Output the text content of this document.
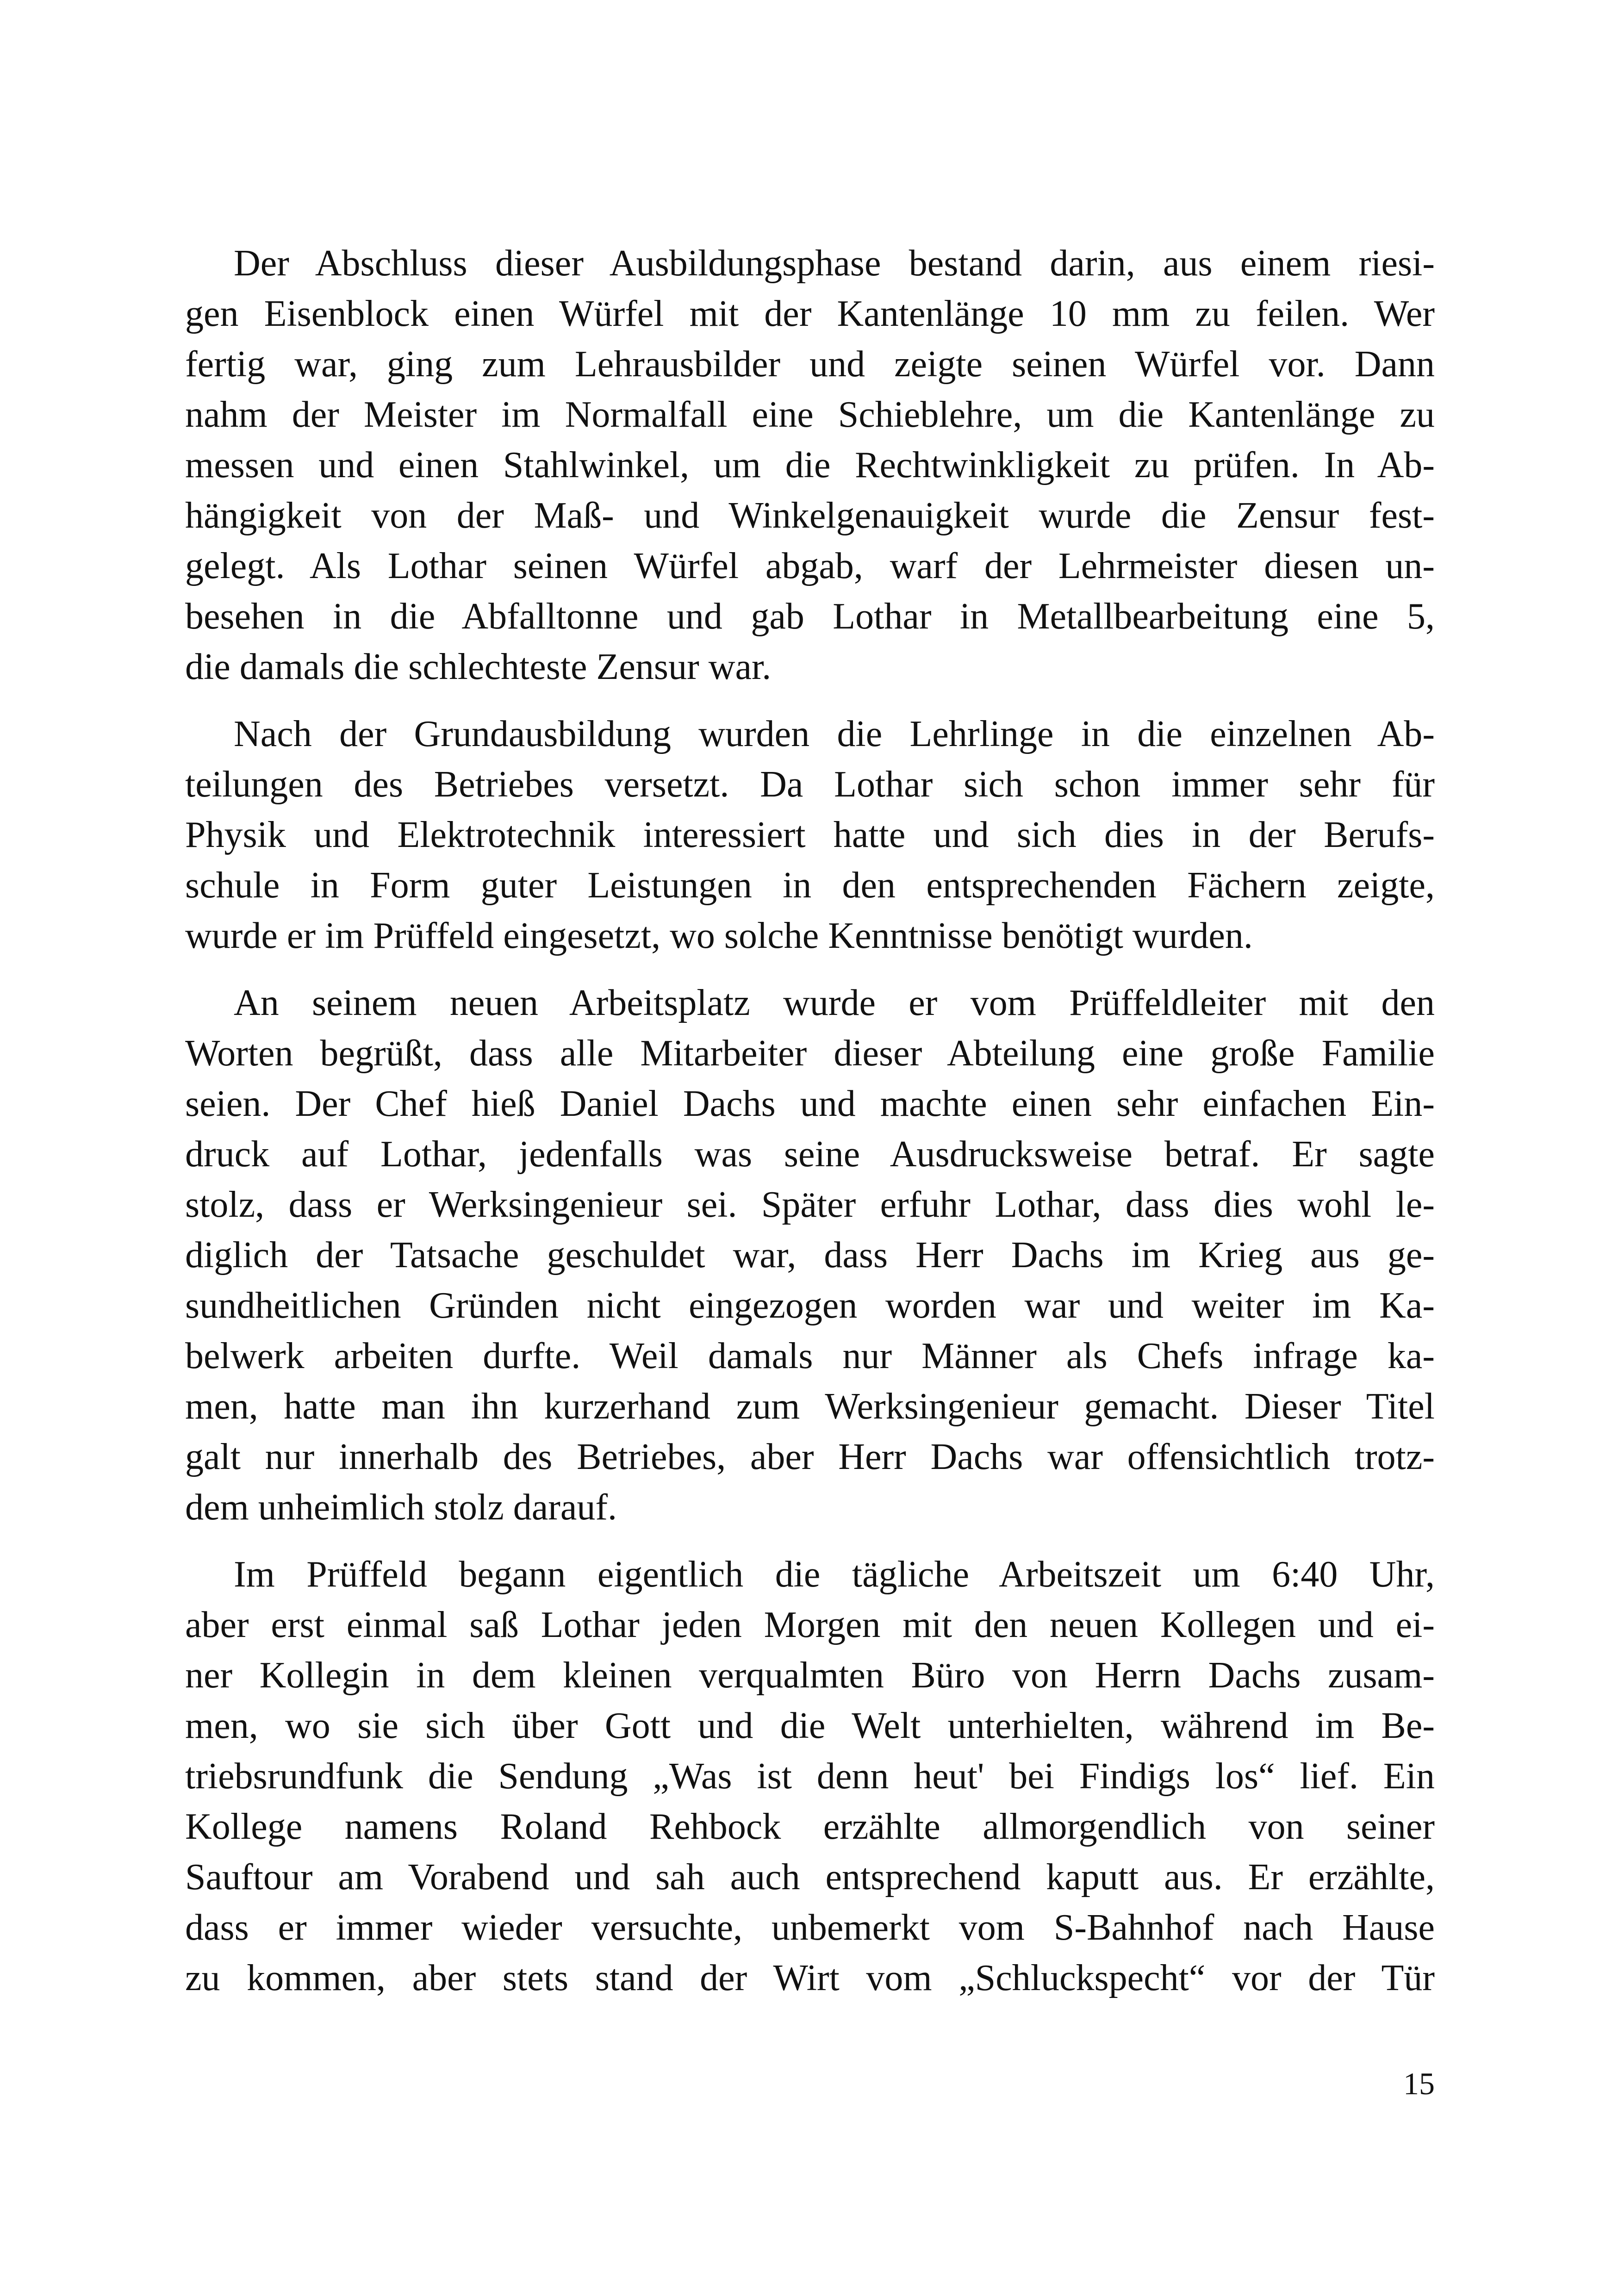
Der Abschluss dieser Ausbildungsphase bestand darin, aus einem riesi-
gen Eisenblock einen Würfel mit der Kantenlänge 10 mm zu feilen. Wer
fertig war, ging zum Lehrausbilder und zeigte seinen Würfel vor. Dann
nahm der Meister im Normalfall eine Schieblehre, um die Kantenlänge zu
messen und einen Stahlwinkel, um die Rechtwinkligkeit zu prüfen. In Ab-
hängigkeit von der Maß- und Winkelgenauigkeit wurde die Zensur fest-
gelegt. Als Lothar seinen Würfel abgab, warf der Lehrmeister diesen un-
besehen in die Abfalltonne und gab Lothar in Metallbearbeitung eine 5,
die damals die schlechteste Zensur war.
Nach der Grundausbildung wurden die Lehrlinge in die einzelnen Ab-
teilungen des Betriebes versetzt. Da Lothar sich schon immer sehr für
Physik und Elektrotechnik interessiert hatte und sich dies in der Berufs-
schule in Form guter Leistungen in den entsprechenden Fächern zeigte,
wurde er im Prüffeld eingesetzt, wo solche Kenntnisse benötigt wurden.
An seinem neuen Arbeitsplatz wurde er vom Prüffeldleiter mit den
Worten begrüßt, dass alle Mitarbeiter dieser Abteilung eine große Familie
seien. Der Chef hieß Daniel Dachs und machte einen sehr einfachen Ein-
druck auf Lothar, jedenfalls was seine Ausdrucksweise betraf. Er sagte
stolz, dass er Werksingenieur sei. Später erfuhr Lothar, dass dies wohl le-
diglich der Tatsache geschuldet war, dass Herr Dachs im Krieg aus ge-
sundheitlichen Gründen nicht eingezogen worden war und weiter im Ka-
belwerk arbeiten durfte. Weil damals nur Männer als Chefs infrage ka-
men, hatte man ihn kurzerhand zum Werksingenieur gemacht. Dieser Titel
galt nur innerhalb des Betriebes, aber Herr Dachs war offensichtlich trotz-
dem unheimlich stolz darauf.
Im Prüffeld begann eigentlich die tägliche Arbeitszeit um 6:40 Uhr,
aber erst einmal saß Lothar jeden Morgen mit den neuen Kollegen und ei-
ner Kollegin in dem kleinen verqualmten Büro von Herrn Dachs zusam-
men, wo sie sich über Gott und die Welt unterhielten, während im Be-
triebsrundfunk die Sendung „Was ist denn heut' bei Findigs los“ lief. Ein
Kollege namens Roland Rehbock erzählte allmorgendlich von seiner
Sauftour am Vorabend und sah auch entsprechend kaputt aus. Er erzählte,
dass er immer wieder versuchte, unbemerkt vom S-Bahnhof nach Hause
zu kommen, aber stets stand der Wirt vom „Schluckspecht“ vor der Tür
15
